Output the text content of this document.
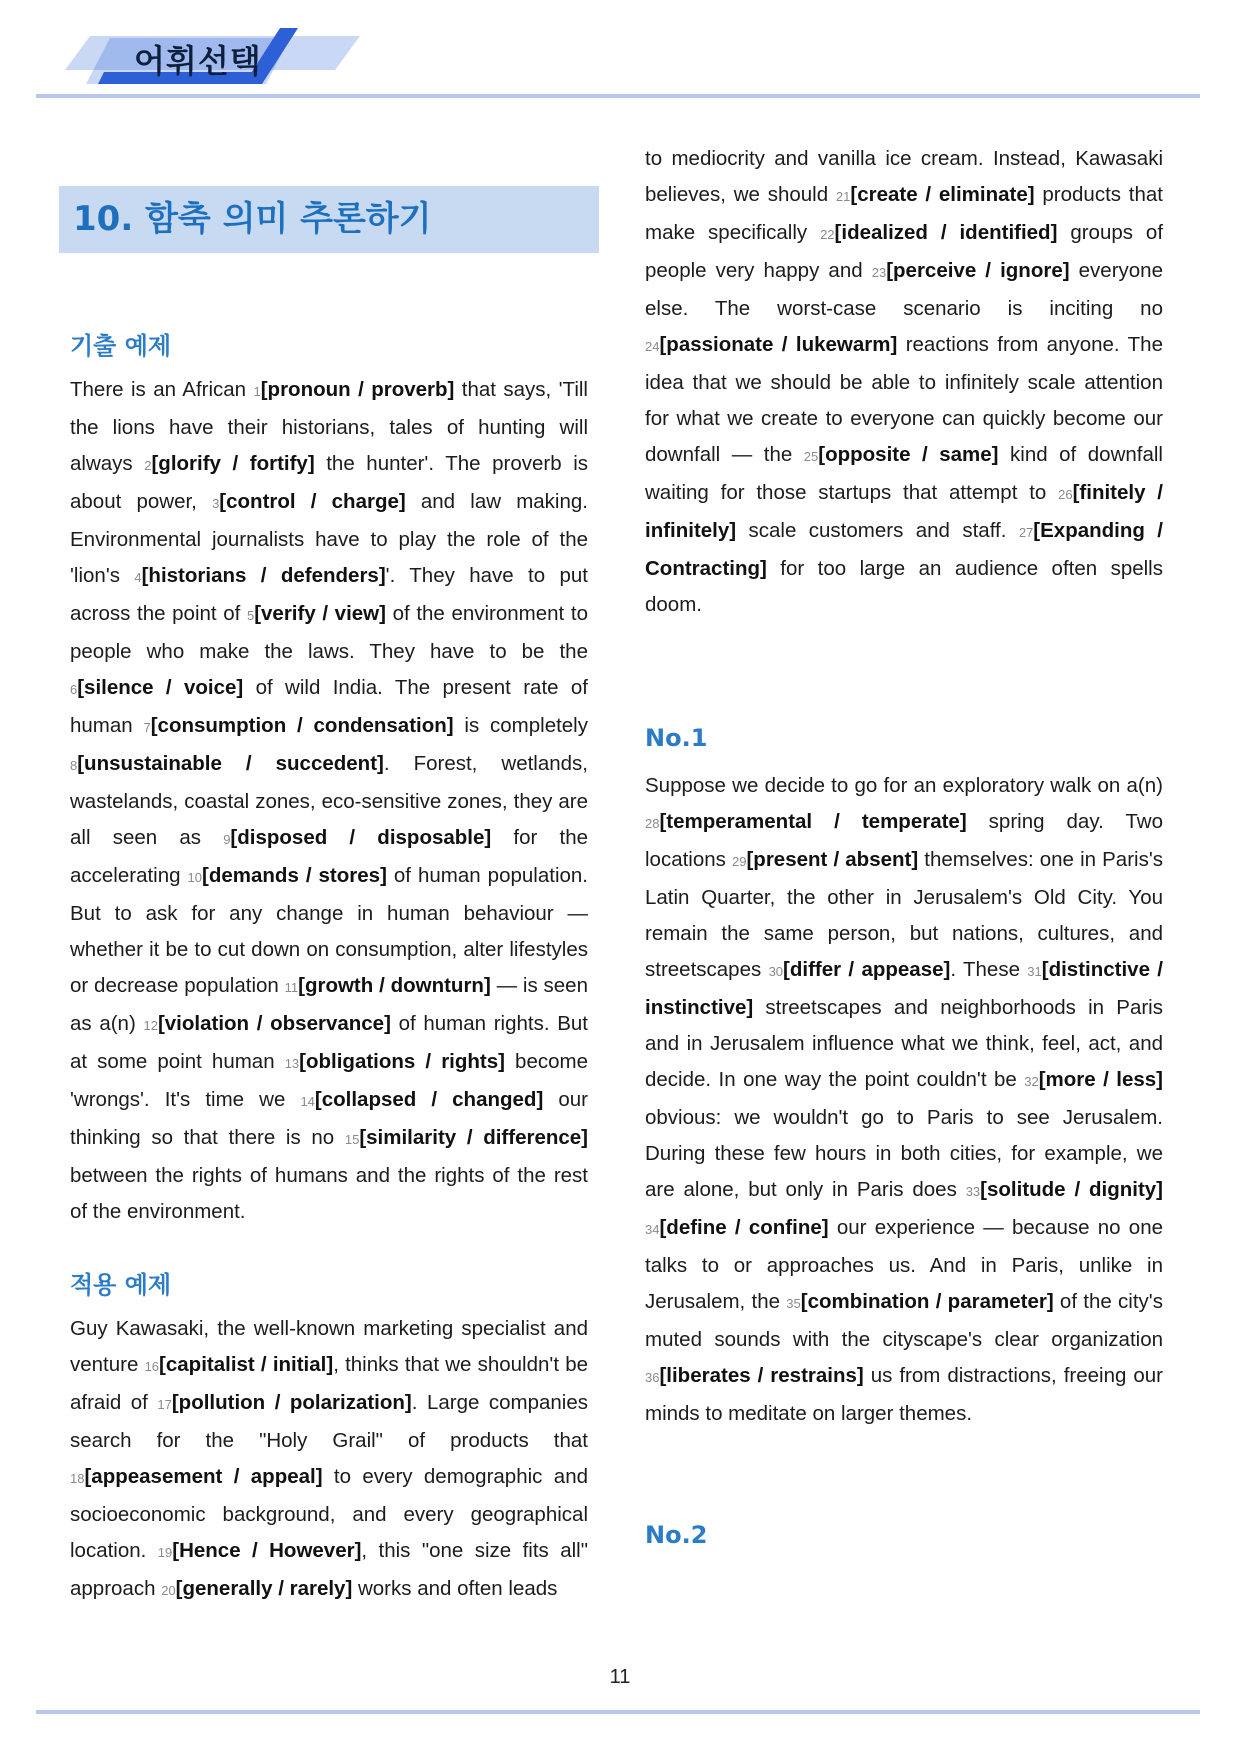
어휘선택
10. 함축 의미 추론하기
기출 예제
There is an African 1[pronoun / proverb] that says, 'Till the lions have their historians, tales of hunting will always 2[glorify / fortify] the hunter'. The proverb is about power, 3[control / charge] and law making. Environmental journalists have to play the role of the 'lion's 4[historians / defenders]'. They have to put across the point of 5[verify / view] of the environment to people who make the laws. They have to be the 6[silence / voice] of wild India. The present rate of human 7[consumption / condensation] is completely 8[unsustainable / succedent]. Forest, wetlands, wastelands, coastal zones, eco-sensitive zones, they are all seen as 9[disposed / disposable] for the accelerating 10[demands / stores] of human population. But to ask for any change in human behaviour — whether it be to cut down on consumption, alter lifestyles or decrease population 11[growth / downturn] — is seen as a(n) 12[violation / observance] of human rights. But at some point human 13[obligations / rights] become 'wrongs'. It's time we 14[collapsed / changed] our thinking so that there is no 15[similarity / difference] between the rights of humans and the rights of the rest of the environment.
적용 예제
Guy Kawasaki, the well-known marketing specialist and venture 16[capitalist / initial], thinks that we shouldn't be afraid of 17[pollution / polarization]. Large companies search for the "Holy Grail" of products that 18[appeasement / appeal] to every demographic and socioeconomic background, and every geographical location. 19[Hence / However], this "one size fits all" approach 20[generally / rarely] works and often leads
to mediocrity and vanilla ice cream. Instead, Kawasaki believes, we should 21[create / eliminate] products that make specifically 22[idealized / identified] groups of people very happy and 23[perceive / ignore] everyone else. The worst-case scenario is inciting no 24[passionate / lukewarm] reactions from anyone. The idea that we should be able to infinitely scale attention for what we create to everyone can quickly become our downfall — the 25[opposite / same] kind of downfall waiting for those startups that attempt to 26[finitely / infinitely] scale customers and staff. 27[Expanding / Contracting] for too large an audience often spells doom.
No.1
Suppose we decide to go for an exploratory walk on a(n) 28[temperamental / temperate] spring day. Two locations 29[present / absent] themselves: one in Paris's Latin Quarter, the other in Jerusalem's Old City. You remain the same person, but nations, cultures, and streetscapes 30[differ / appease]. These 31[distinctive / instinctive] streetscapes and neighborhoods in Paris and in Jerusalem influence what we think, feel, act, and decide. In one way the point couldn't be 32[more / less] obvious: we wouldn't go to Paris to see Jerusalem. During these few hours in both cities, for example, we are alone, but only in Paris does 33[solitude / dignity] 34[define / confine] our experience — because no one talks to or approaches us. And in Paris, unlike in Jerusalem, the 35[combination / parameter] of the city's muted sounds with the cityscape's clear organization 36[liberates / restrains] us from distractions, freeing our minds to meditate on larger themes.
No.2
11
